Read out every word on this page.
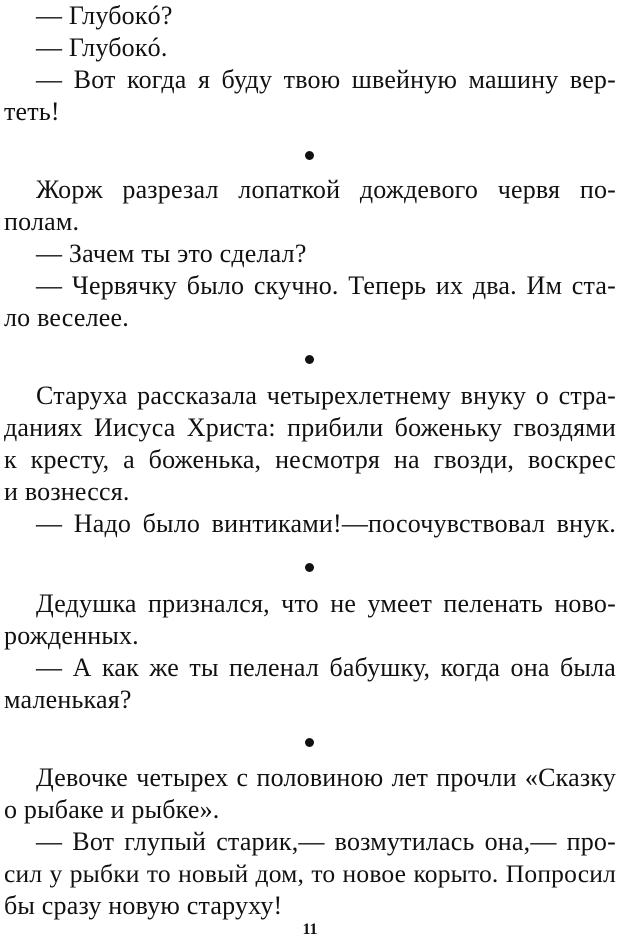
— Глубокó?
— Глубокó.
— Вот когда я буду твою швейную машину вер-
теть!
Жорж разрезал лопаткой дождевого червя по-
полам.
— Зачем ты это сделал?
— Червячку было скучно. Теперь их два. Им ста-
ло веселее.
Старуха рассказала четырехлетнему внуку о стра-
даниях Иисуса Христа: прибили боженьку гвоздями
к кресту, а боженька, несмотря на гвозди, воскрес
и вознесся.
— Надо было винтиками!—посочувствовал внук.
Дедушка признался, что не умеет пеленать ново-
рожденных.
— А как же ты пеленал бабушку, когда она была
маленькая?
Девочке четырех с половиною лет прочли «Сказку
о рыбаке и рыбке».
— Вот глупый старик,— возмутилась она,— про-
сил у рыбки то новый дом, то новое корыто. Попросил
бы сразу новую старуху!
11
